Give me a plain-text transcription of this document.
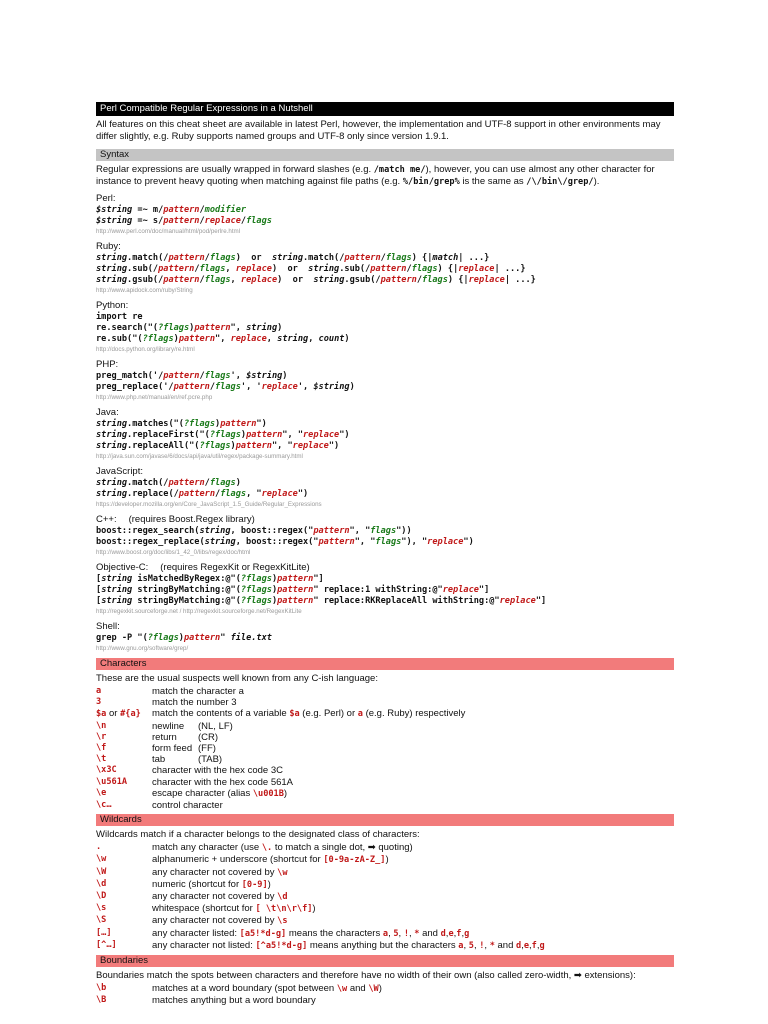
Perl Compatible Regular Expressions in a Nutshell
All features on this cheat sheet are available in latest Perl, however, the implementation and UTF-8 support in other environments may differ slightly, e.g. Ruby supports named groups and UTF-8 only since version 1.9.1.
Syntax
Regular expressions are usually wrapped in forward slashes (e.g. /match me/), however, you can use almost any other character for instance to prevent heavy quoting when matching against file paths (e.g. %/bin/grep% is the same as /\/bin\/grep/).
Perl:
$string =~ m/pattern/modifier
$string =~ s/pattern/replace/flags
http://www.perl.com/doc/manual/html/pod/perlre.html
Ruby:
string.match(/pattern/flags)  or  string.match(/pattern/flags) {|match| ...}
string.sub(/pattern/flags, replace)  or  string.sub(/pattern/flags) {|replace| ...}
string.gsub(/pattern/flags, replace)  or  string.gsub(/pattern/flags) {|replace| ...}
http://www.apidock.com/ruby/String
Python:
import re
re.search("(?flags)pattern", string)
re.sub("(?flags)pattern", replace, string, count)
http://docs.python.org/library/re.html
PHP:
preg_match('/pattern/flags', $string)
preg_replace('/pattern/flags', 'replace', $string)
http://www.php.net/manual/en/ref.pcre.php
Java:
string.matches("(?flags)pattern")
string.replaceFirst("(?flags)pattern", "replace")
string.replaceAll("(?flags)pattern", "replace")
http://java.sun.com/javase/6/docs/api/java/util/regex/package-summary.html
JavaScript:
string.match(/pattern/flags)
string.replace(/pattern/flags, "replace")
https://developer.mozilla.org/en/Core_JavaScript_1.5_Guide/Regular_Expressions
C++: (requires Boost.Regex library)
boost::regex_search(string, boost::regex("pattern", "flags"))
boost::regex_replace(string, boost::regex("pattern", "flags"), "replace")
http://www.boost.org/doc/libs/1_42_0/libs/regex/doc/html
Objective-C: (requires RegexKit or RegexKitLite)
[string isMatchedByRegex:@"(?flags)pattern"]
[string stringByMatching:@"(?flags)pattern" replace:1 withString:@"replace"]
[string stringByMatching:@"(?flags)pattern" replace:RKReplaceAll withString:@"replace"]
http://regexkit.sourceforge.net / http://regexkit.sourceforge.net/RegexKitLite
Shell:
grep -P "(?flags)pattern" file.txt
http://www.gnu.org/software/grep/
Characters
These are the usual suspects well known from any C-ish language:
a	match the character a
3	match the number 3
$a or #{a}	match the contents of a variable $a (e.g. Perl) or a (e.g. Ruby) respectively
\n	newline (NL, LF)
\r	return (CR)
\f	form feed (FF)
\t	tab (TAB)
\x3C	character with the hex code 3C
\u561A	character with the hex code 561A
\e	escape character (alias \u001B)
\c…	control character
Wildcards
Wildcards match if a character belongs to the designated class of characters:
.	match any character (use \. to match a single dot, ➡ quoting)
\w	alphanumeric + underscore (shortcut for [0-9a-zA-Z_])
\W	any character not covered by \w
\d	numeric (shortcut for [0-9])
\D	any character not covered by \d
\s	whitespace (shortcut for [ \t\n\r\f])
\S	any character not covered by \s
[…]	any character listed: [a5!*d-g] means the characters a, 5, !, * and d,e,f,g
[^…]	any character not listed: [^a5!*d-g] means anything but the characters a, 5, !, * and d,e,f,g
Boundaries
Boundaries match the spots between characters and therefore have no width of their own (also called zero-width, ➡ extensions):
\b	matches at a word boundary (spot between \w and \W)
\B	matches anything but a word boundary
